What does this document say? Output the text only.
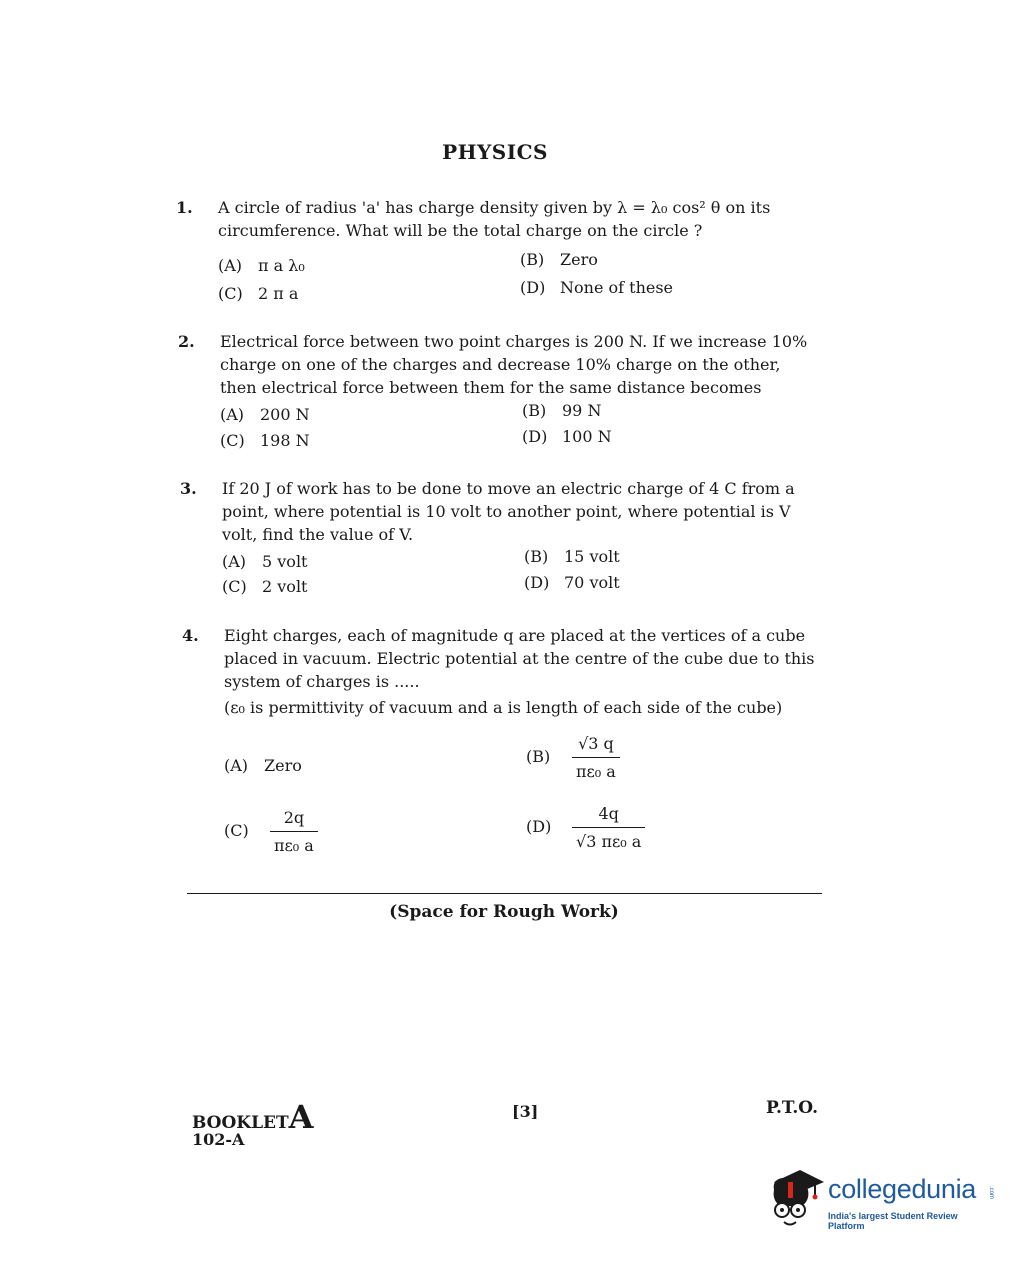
PHYSICS
1. A circle of radius 'a' has charge density given by λ = λ₀ cos² θ on its circumference. What will be the total charge on the circle ?
(A) π a λ₀	(B) Zero
(C) 2 π a	(D) None of these
2. Electrical force between two point charges is 200 N. If we increase 10% charge on one of the charges and decrease 10% charge on the other, then electrical force between them for the same distance becomes
(A) 200 N	(B) 99 N
(C) 198 N	(D) 100 N
3. If 20 J of work has to be done to move an electric charge of 4 C from a point, where potential is 10 volt to another point, where potential is V volt, find the value of V.
(A) 5 volt	(B) 15 volt
(C) 2 volt	(D) 70 volt
4. Eight charges, each of magnitude q are placed at the vertices of a cube placed in vacuum. Electric potential at the centre of the cube due to this system of charges is .....
(ε₀ is permittivity of vacuum and a is length of each side of the cube)
(A) Zero	$(B) \frac{√3 q}{\text{πε₀ a}}$
$(C) \frac{2q}{\text{πε₀ a}}$	$(D) \frac{4q}{\text{√3 πε₀ a}}$
(Space for Rough Work)
BOOKLETA
102-A
[3]	P.T.O.
collegedunia .com
India's largest Student Review Platform
